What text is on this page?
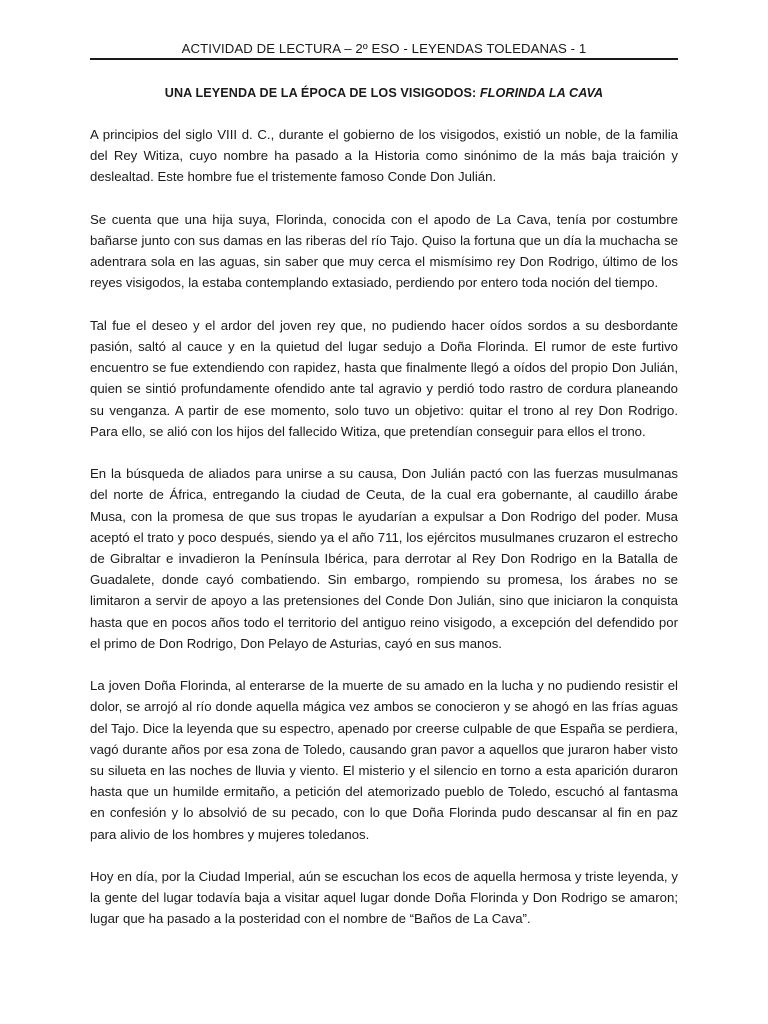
ACTIVIDAD DE LECTURA – 2º ESO - LEYENDAS TOLEDANAS - 1
UNA LEYENDA DE LA ÉPOCA DE LOS VISIGODOS: FLORINDA LA CAVA

A principios del siglo VIII d. C., durante el gobierno de los visigodos, existió un noble, de la familia del Rey Witiza, cuyo nombre ha pasado a la Historia como sinónimo de la más baja traición y deslealtad. Este hombre fue el tristemente famoso Conde Don Julián.

Se cuenta que una hija suya, Florinda, conocida con el apodo de La Cava, tenía por costumbre bañarse junto con sus damas en las riberas del río Tajo. Quiso la fortuna que un día la muchacha se adentrara sola en las aguas, sin saber que muy cerca el mismísimo rey Don Rodrigo, último de los reyes visigodos, la estaba contemplando extasiado, perdiendo por entero toda noción del tiempo.

Tal fue el deseo y el ardor del joven rey que, no pudiendo hacer oídos sordos a su desbordante pasión, saltó al cauce y en la quietud del lugar sedujo a Doña Florinda. El rumor de este furtivo encuentro se fue extendiendo con rapidez, hasta que finalmente llegó a oídos del propio Don Julián, quien se sintió profundamente ofendido ante tal agravio y perdió todo rastro de cordura planeando su venganza. A partir de ese momento, solo tuvo un objetivo: quitar el trono al rey Don Rodrigo. Para ello, se alió con los hijos del fallecido Witiza, que pretendían conseguir para ellos el trono.

En la búsqueda de aliados para unirse a su causa, Don Julián pactó con las fuerzas musulmanas del norte de África, entregando la ciudad de Ceuta, de la cual era gobernante, al caudillo árabe Musa, con la promesa de que sus tropas le ayudarían a expulsar a Don Rodrigo del poder. Musa aceptó el trato y poco después, siendo ya el año 711, los ejércitos musulmanes cruzaron el estrecho de Gibraltar e invadieron la Península Ibérica, para derrotar al Rey Don Rodrigo en la Batalla de Guadalete, donde cayó combatiendo. Sin embargo, rompiendo su promesa, los árabes no se limitaron a servir de apoyo a las pretensiones del Conde Don Julián, sino que iniciaron la conquista hasta que en pocos años todo el territorio del antiguo reino visigodo, a excepción del defendido por el primo de Don Rodrigo, Don Pelayo de Asturias, cayó en sus manos.

La joven Doña Florinda, al enterarse de la muerte de su amado en la lucha y no pudiendo resistir el dolor, se arrojó al río donde aquella mágica vez ambos se conocieron y se ahogó en las frías aguas del Tajo. Dice la leyenda que su espectro, apenado por creerse culpable de que España se perdiera, vagó durante años por esa zona de Toledo, causando gran pavor a aquellos que juraron haber visto su silueta en las noches de lluvia y viento. El misterio y el silencio en torno a esta aparición duraron hasta que un humilde ermitaño, a petición del atemorizado pueblo de Toledo, escuchó al fantasma en confesión y lo absolvió de su pecado, con lo que Doña Florinda pudo descansar al fin en paz para alivio de los hombres y mujeres toledanos.

Hoy en día, por la Ciudad Imperial, aún se escuchan los ecos de aquella hermosa y triste leyenda, y la gente del lugar todavía baja a visitar aquel lugar donde Doña Florinda y Don Rodrigo se amaron; lugar que ha pasado a la posteridad con el nombre de “Baños de La Cava”.
